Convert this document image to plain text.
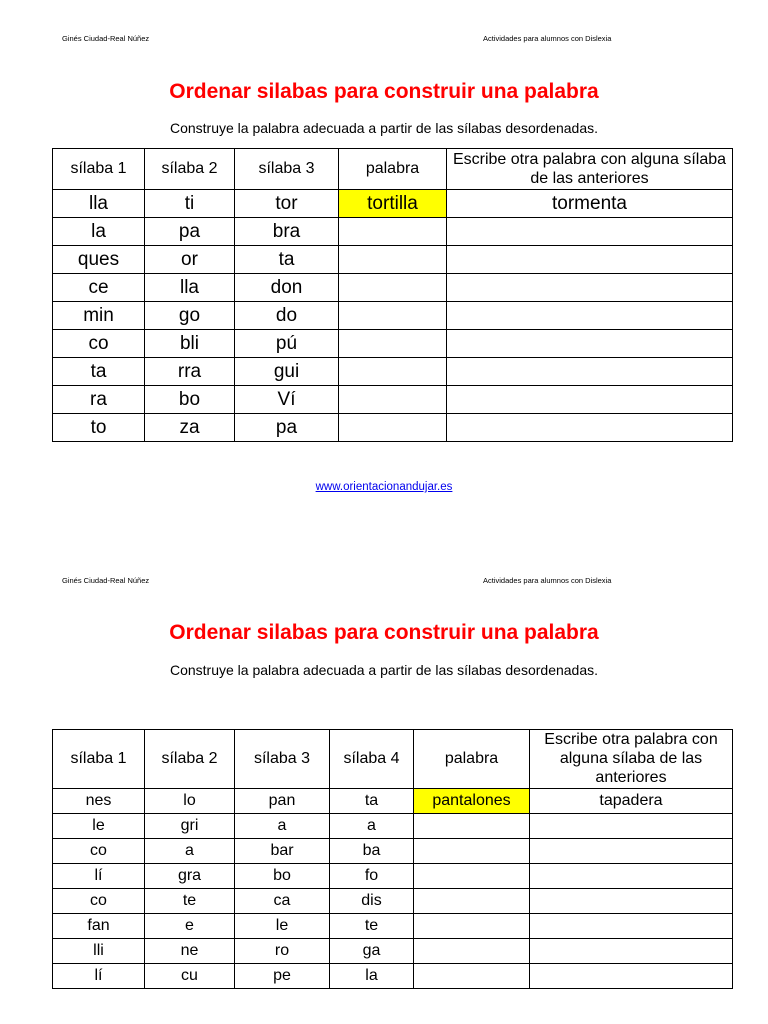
Ginés Ciudad-Real Núñez	Actividades para alumnos con Dislexia
Ordenar silabas para construir una palabra
Construye la palabra adecuada a partir de las sílabas desordenadas.
sílaba 1	sílaba 2	sílaba 3	palabra	Escribe otra palabra con alguna sílaba de las anteriores
lla	ti	tor	tortilla	tormenta
la	pa	bra		
ques	or	ta		
ce	lla	don		
min	go	do		
co	bli	pú		
ta	rra	gui		
ra	bo	Ví		
to	za	pa		
www.orientacionandujar.es
Ginés Ciudad-Real Núñez	Actividades para alumnos con Dislexia
Ordenar silabas para construir una palabra
Construye la palabra adecuada a partir de las sílabas desordenadas.
sílaba 1	sílaba 2	sílaba 3	sílaba 4	palabra	Escribe otra palabra con alguna sílaba de las anteriores
nes	lo	pan	ta	pantalones	tapadera
le	gri	a	a		
co	a	bar	ba		
lí	gra	bo	fo		
co	te	ca	dis		
fan	e	le	te		
lli	ne	ro	ga		
lí	cu	pe	la		
